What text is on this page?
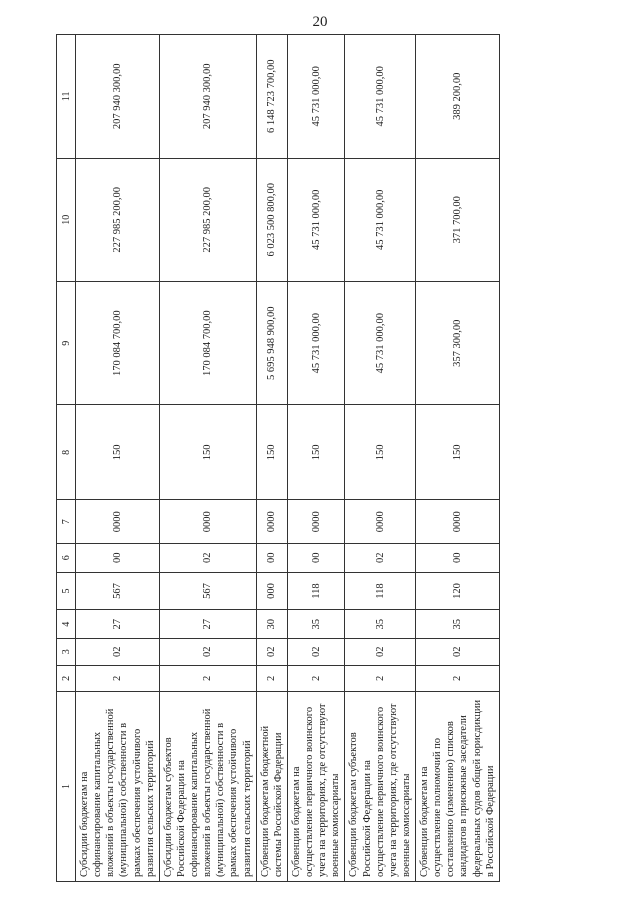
20
1	2	3	4	5	6	7	8	9	10	11
Субсидии бюджетам на софинансирование капитальных вложений в объекты государственной (муниципальной) собственности в рамках обеспечения устойчивого развития сельских территорий	2	02	27	567	00	0000	150	170 084 700,00	227 985 200,00	207 940 300,00
Субсидии бюджетам субъектов Российской Федерации на софинансирование капитальных вложений в объекты государственной (муниципальной) собственности в рамках обеспечения устойчивого развития сельских территорий	2	02	27	567	02	0000	150	170 084 700,00	227 985 200,00	207 940 300,00
Субвенции бюджетам бюджетной системы Российской Федерации	2	02	30	000	00	0000	150	5 695 948 900,00	6 023 500 800,00	6 148 723 700,00
Субвенции бюджетам на осуществление первичного воинского учета на территориях, где отсутствуют военные комиссариаты	2	02	35	118	00	0000	150	45 731 000,00	45 731 000,00	45 731 000,00
Субвенции бюджетам субъектов Российской Федерации на осуществление первичного воинского учета на территориях, где отсутствуют военные комиссариаты	2	02	35	118	02	0000	150	45 731 000,00	45 731 000,00	45 731 000,00
Субвенции бюджетам на осуществление полномочий по составлению (изменению) списков кандидатов в присяжные заседатели федеральных судов общей юрисдикции в Российской Федерации	2	02	35	120	00	0000	150	357 300,00	371 700,00	389 200,00
